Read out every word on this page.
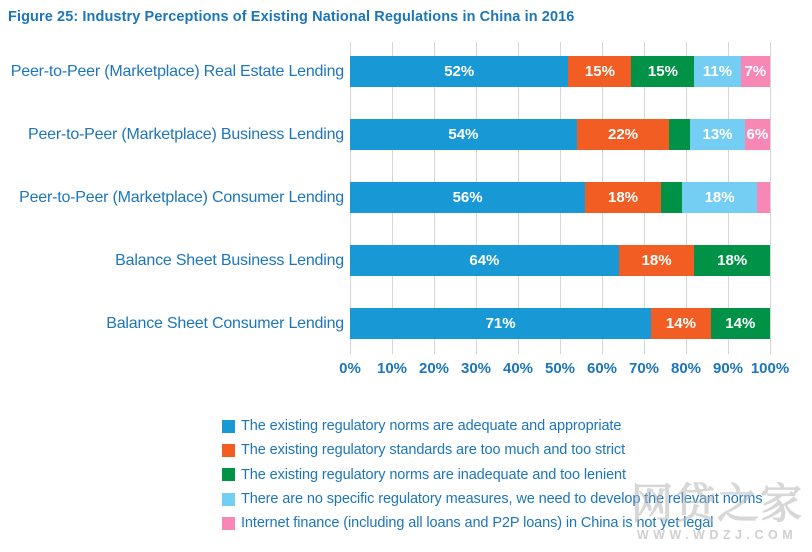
Figure 25: Industry Perceptions of Existing National Regulations in China in 2016
Peer-to-Peer (Marketplace) Real Estate Lending	52%	15%	15%	11% 7%
Peer-to-Peer (Marketplace) Business Lending	54%	22%	13% 6%
Peer-to-Peer (Marketplace) Consumer Lending	56%	18%	18%
Balance Sheet Business Lending	64%	18%	18%
Balance Sheet Consumer Lending	71%	14%	14%
0% 10% 20% 30% 40% 50% 60% 70% 80% 90% 100%
The existing regulatory norms are adequate and appropriate
The existing regulatory standards are too much and too strict
The existing regulatory norms are inadequate and too lenient
There are no specific regulatory measures, we need to develop the relevant norms
Internet finance (including all loans and P2P loans) in China is not yet legal
网贷之家
WWW.WDZJ.COM
